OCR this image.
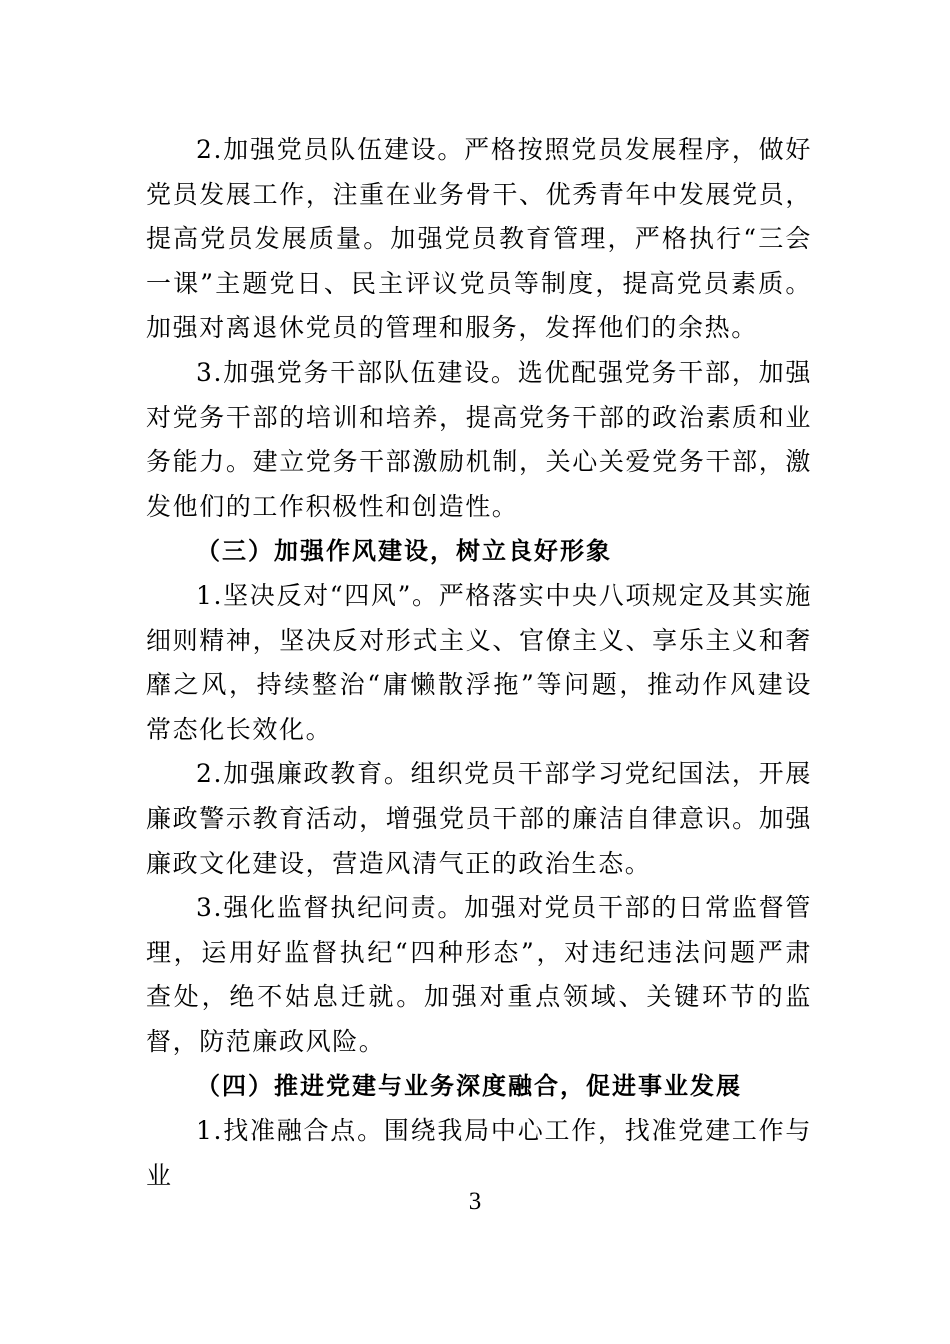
2.加强党员队伍建设。严格按照党员发展程序，做好党员发展工作，注重在业务骨干、优秀青年中发展党员，提高党员发展质量。加强党员教育管理，严格执行“三会一课”主题党日、民主评议党员等制度，提高党员素质。加强对离退休党员的管理和服务，发挥他们的余热。

3.加强党务干部队伍建设。选优配强党务干部，加强对党务干部的培训和培养，提高党务干部的政治素质和业务能力。建立党务干部激励机制，关心关爱党务干部，激发他们的工作积极性和创造性。

（三）加强作风建设，树立良好形象

1.坚决反对“四风”。严格落实中央八项规定及其实施细则精神，坚决反对形式主义、官僚主义、享乐主义和奢靡之风，持续整治“庸懒散浮拖”等问题，推动作风建设常态化长效化。

2.加强廉政教育。组织党员干部学习党纪国法，开展廉政警示教育活动，增强党员干部的廉洁自律意识。加强廉政文化建设，营造风清气正的政治生态。

3.强化监督执纪问责。加强对党员干部的日常监督管理，运用好监督执纪“四种形态”，对违纪违法问题严肃查处，绝不姑息迁就。加强对重点领域、关键环节的监督，防范廉政风险。

（四）推进党建与业务深度融合，促进事业发展

1.找准融合点。围绕我局中心工作，找准党建工作与业

3
